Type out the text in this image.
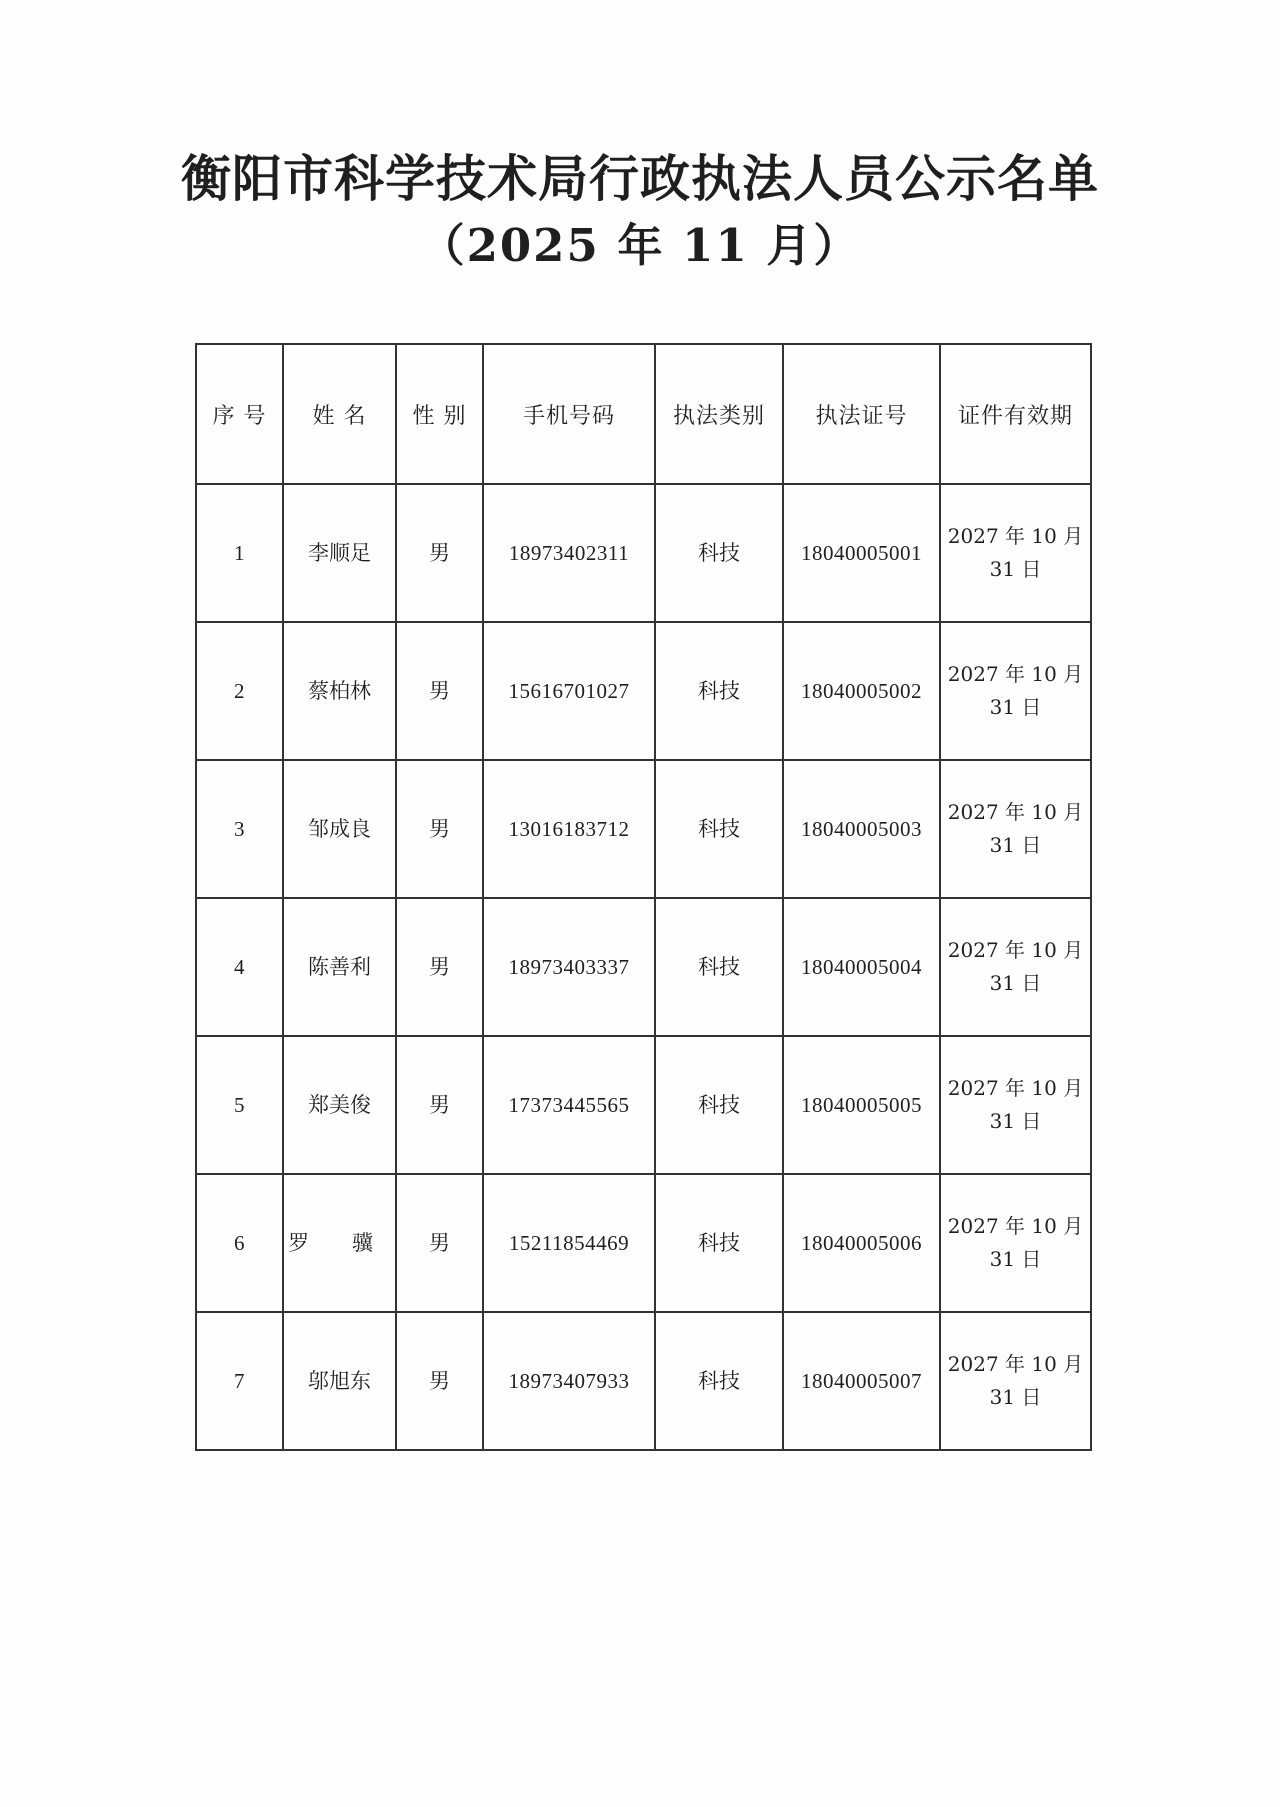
衡阳市科学技术局行政执法人员公示名单
（2025 年 11 月）
序 号	姓 名	性 别	手机号码	执法类别	执法证号	证件有效期
1	李顺足	男	18973402311	科技	18040005001	2027 年 10 月
31 日
2	蔡柏林	男	15616701027	科技	18040005002	2027 年 10 月
31 日
3	邹成良	男	13016183712	科技	18040005003	2027 年 10 月
31 日
4	陈善利	男	18973403337	科技	18040005004	2027 年 10 月
31 日
5	郑美俊	男	17373445565	科技	18040005005	2027 年 10 月
31 日
6	罗 骥	男	15211854469	科技	18040005006	2027 年 10 月
31 日
7	邬旭东	男	18973407933	科技	18040005007	2027 年 10 月
31 日
